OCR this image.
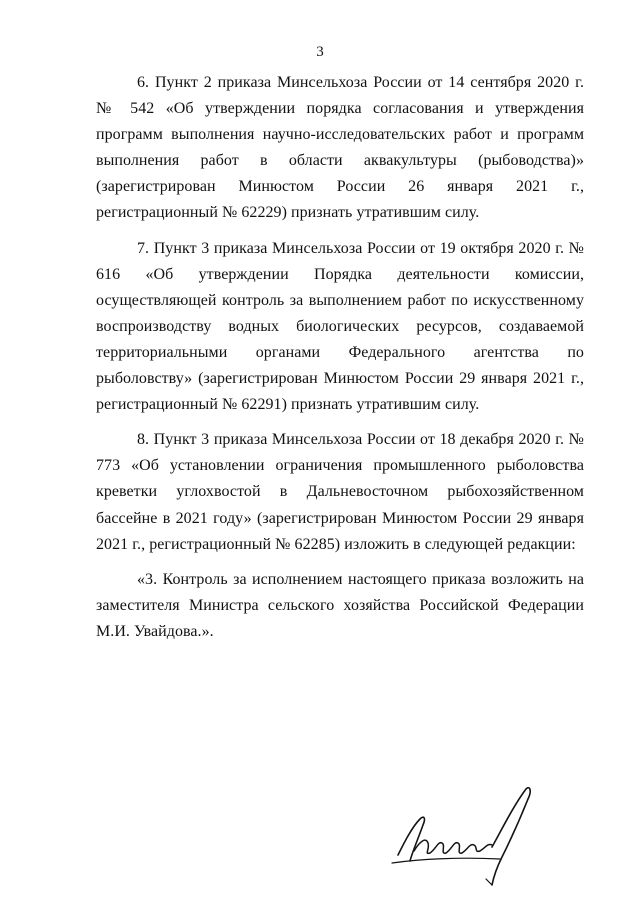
3

6. Пункт 2 приказа Минсельхоза России от 14 сентября 2020 г. № 542 «Об утверждении порядка согласования и утверждения программ выполнения научно-исследовательских работ и программ выполнения работ в области аквакультуры (рыбоводства)» (зарегистрирован Минюстом России 26 января 2021 г., регистрационный № 62229) признать утратившим силу.

7. Пункт 3 приказа Минсельхоза России от 19 октября 2020 г. № 616 «Об утверждении Порядка деятельности комиссии, осуществляющей контроль за выполнением работ по искусственному воспроизводству водных биологических ресурсов, создаваемой территориальными органами Федерального агентства по рыболовству» (зарегистрирован Минюстом России 29 января 2021 г., регистрационный № 62291) признать утратившим силу.

8. Пункт 3 приказа Минсельхоза России от 18 декабря 2020 г. № 773 «Об установлении ограничения промышленного рыболовства креветки углохвостой в Дальневосточном рыбохозяйственном бассейне в 2021 году» (зарегистрирован Минюстом России 29 января 2021 г., регистрационный № 62285) изложить в следующей редакции:

«3. Контроль за исполнением настоящего приказа возложить на заместителя Министра сельского хозяйства Российской Федерации М.И. Увайдова.».
